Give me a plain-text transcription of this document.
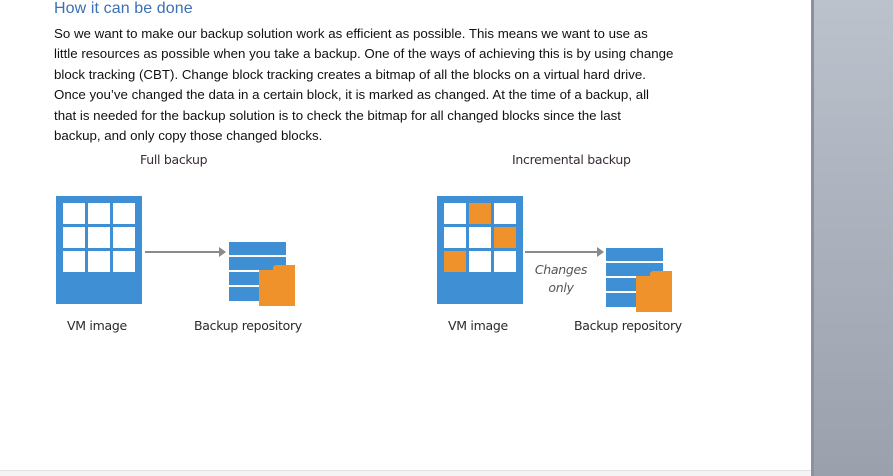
How it can be done
So we want to make our backup solution work as efficient as possible. This means we want to use as
little resources as possible when you take a backup. One of the ways of achieving this is by using change
block tracking (CBT). Change block tracking creates a bitmap of all the blocks on a virtual hard drive.
Once you’ve changed the data in a certain block, it is marked as changed. At the time of a backup, all
that is needed for the backup solution is to check the bitmap for all changed blocks since the last
backup, and only copy those changed blocks.
Full backup
VM image	Backup repository
Incremental backup
Changes
only
VM image	Backup repository
